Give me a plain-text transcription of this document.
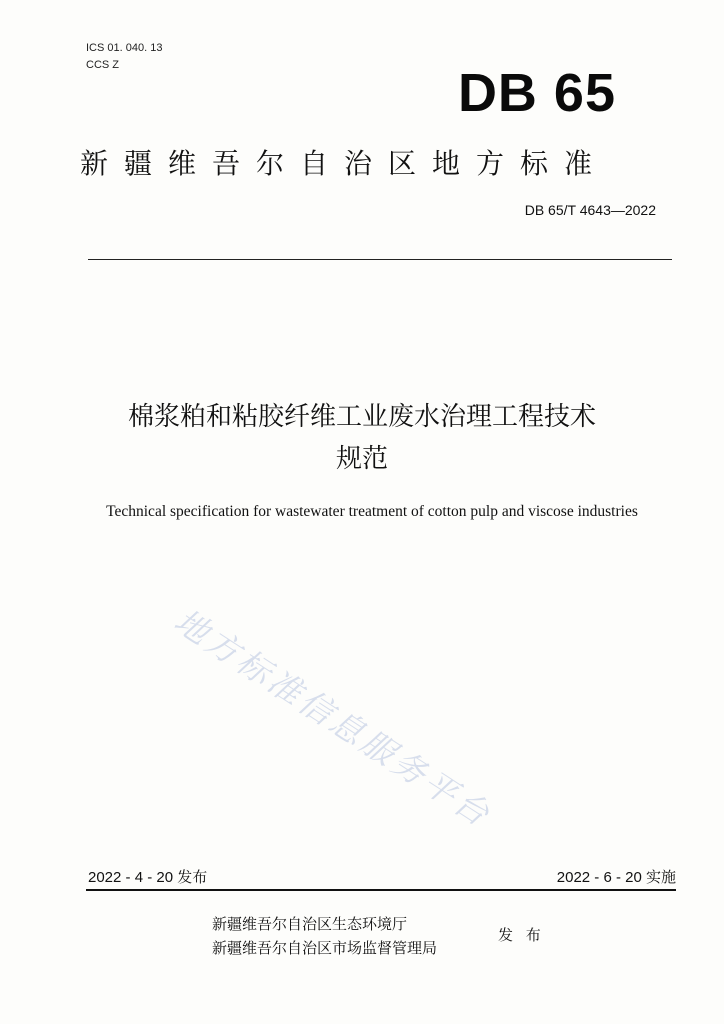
ICS 01. 040. 13
CCS Z	DB 65
新疆维吾尔自治区地方标准
DB 65/T 4643—2022
棉浆粕和粘胶纤维工业废水治理工程技术
规范
Technical specification for wastewater treatment of cotton pulp and viscose industries
地方标准信息服务平台
2022 - 4 - 20 发布	2022 - 6 - 20 实施
新疆维吾尔自治区生态环境厅
新疆维吾尔自治区市场监督管理局
发 布
